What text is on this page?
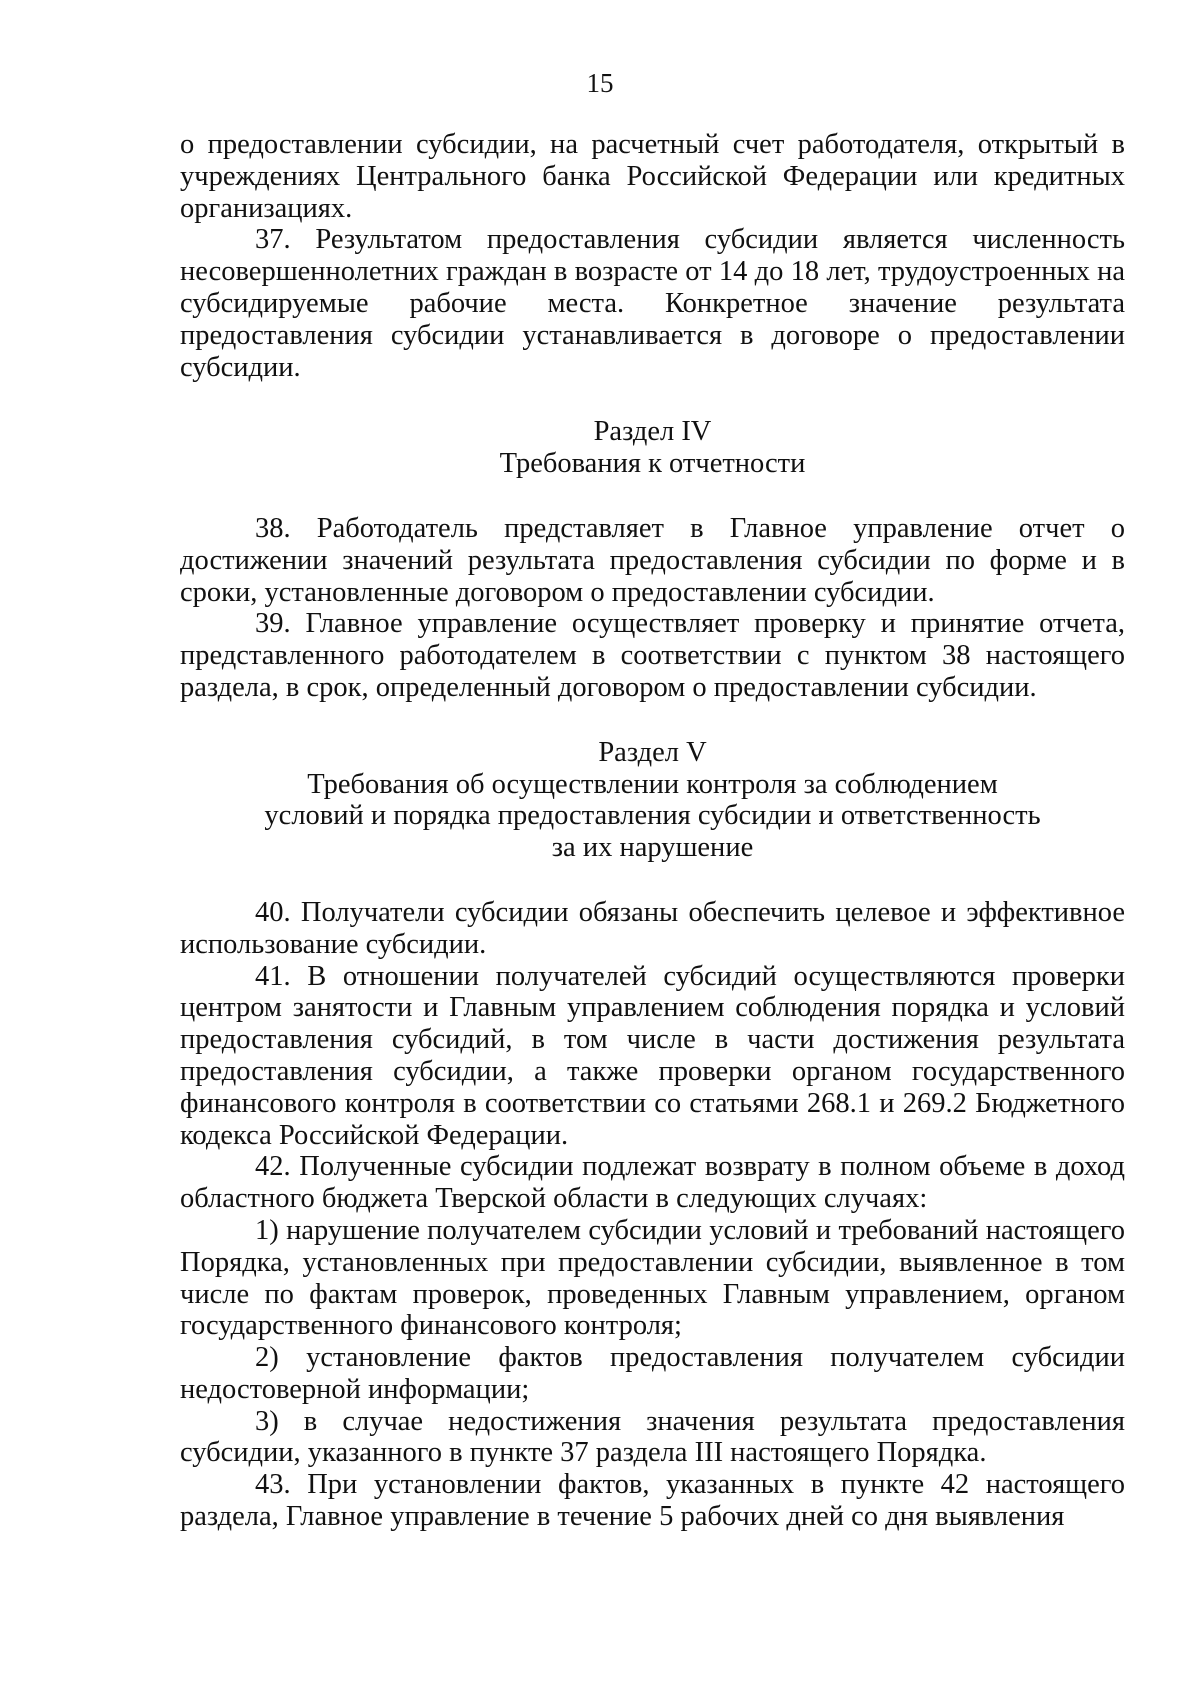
15

о предоставлении субсидии, на расчетный счет работодателя, открытый в учреждениях Центрального банка Российской Федерации или кредитных организациях.

37. Результатом предоставления субсидии является численность несовершеннолетних граждан в возрасте от 14 до 18 лет, трудоустроенных на субсидируемые рабочие места. Конкретное значение результата предоставления субсидии устанавливается в договоре о предоставлении субсидии.

Раздел IV
Требования к отчетности

38. Работодатель представляет в Главное управление отчет о достижении значений результата предоставления субсидии по форме и в сроки, установленные договором о предоставлении субсидии.

39. Главное управление осуществляет проверку и принятие отчета, представленного работодателем в соответствии с пунктом 38 настоящего раздела, в срок, определенный договором о предоставлении субсидии.

Раздел V
Требования об осуществлении контроля за соблюдением
условий и порядка предоставления субсидии и ответственность
за их нарушение

40. Получатели субсидии обязаны обеспечить целевое и эффективное использование субсидии.

41. В отношении получателей субсидий осуществляются проверки центром занятости и Главным управлением соблюдения порядка и условий предоставления субсидий, в том числе в части достижения результата предоставления субсидии, а также проверки органом государственного финансового контроля в соответствии со статьями 268.1 и 269.2 Бюджетного кодекса Российской Федерации.

42. Полученные субсидии подлежат возврату в полном объеме в доход областного бюджета Тверской области в следующих случаях:

1) нарушение получателем субсидии условий и требований настоящего Порядка, установленных при предоставлении субсидии, выявленное в том числе по фактам проверок, проведенных Главным управлением, органом государственного финансового контроля;

2) установление фактов предоставления получателем субсидии недостоверной информации;

3) в случае недостижения значения результата предоставления субсидии, указанного в пункте 37 раздела III настоящего Порядка.

43. При установлении фактов, указанных в пункте 42 настоящего раздела, Главное управление в течение 5 рабочих дней со дня выявления
